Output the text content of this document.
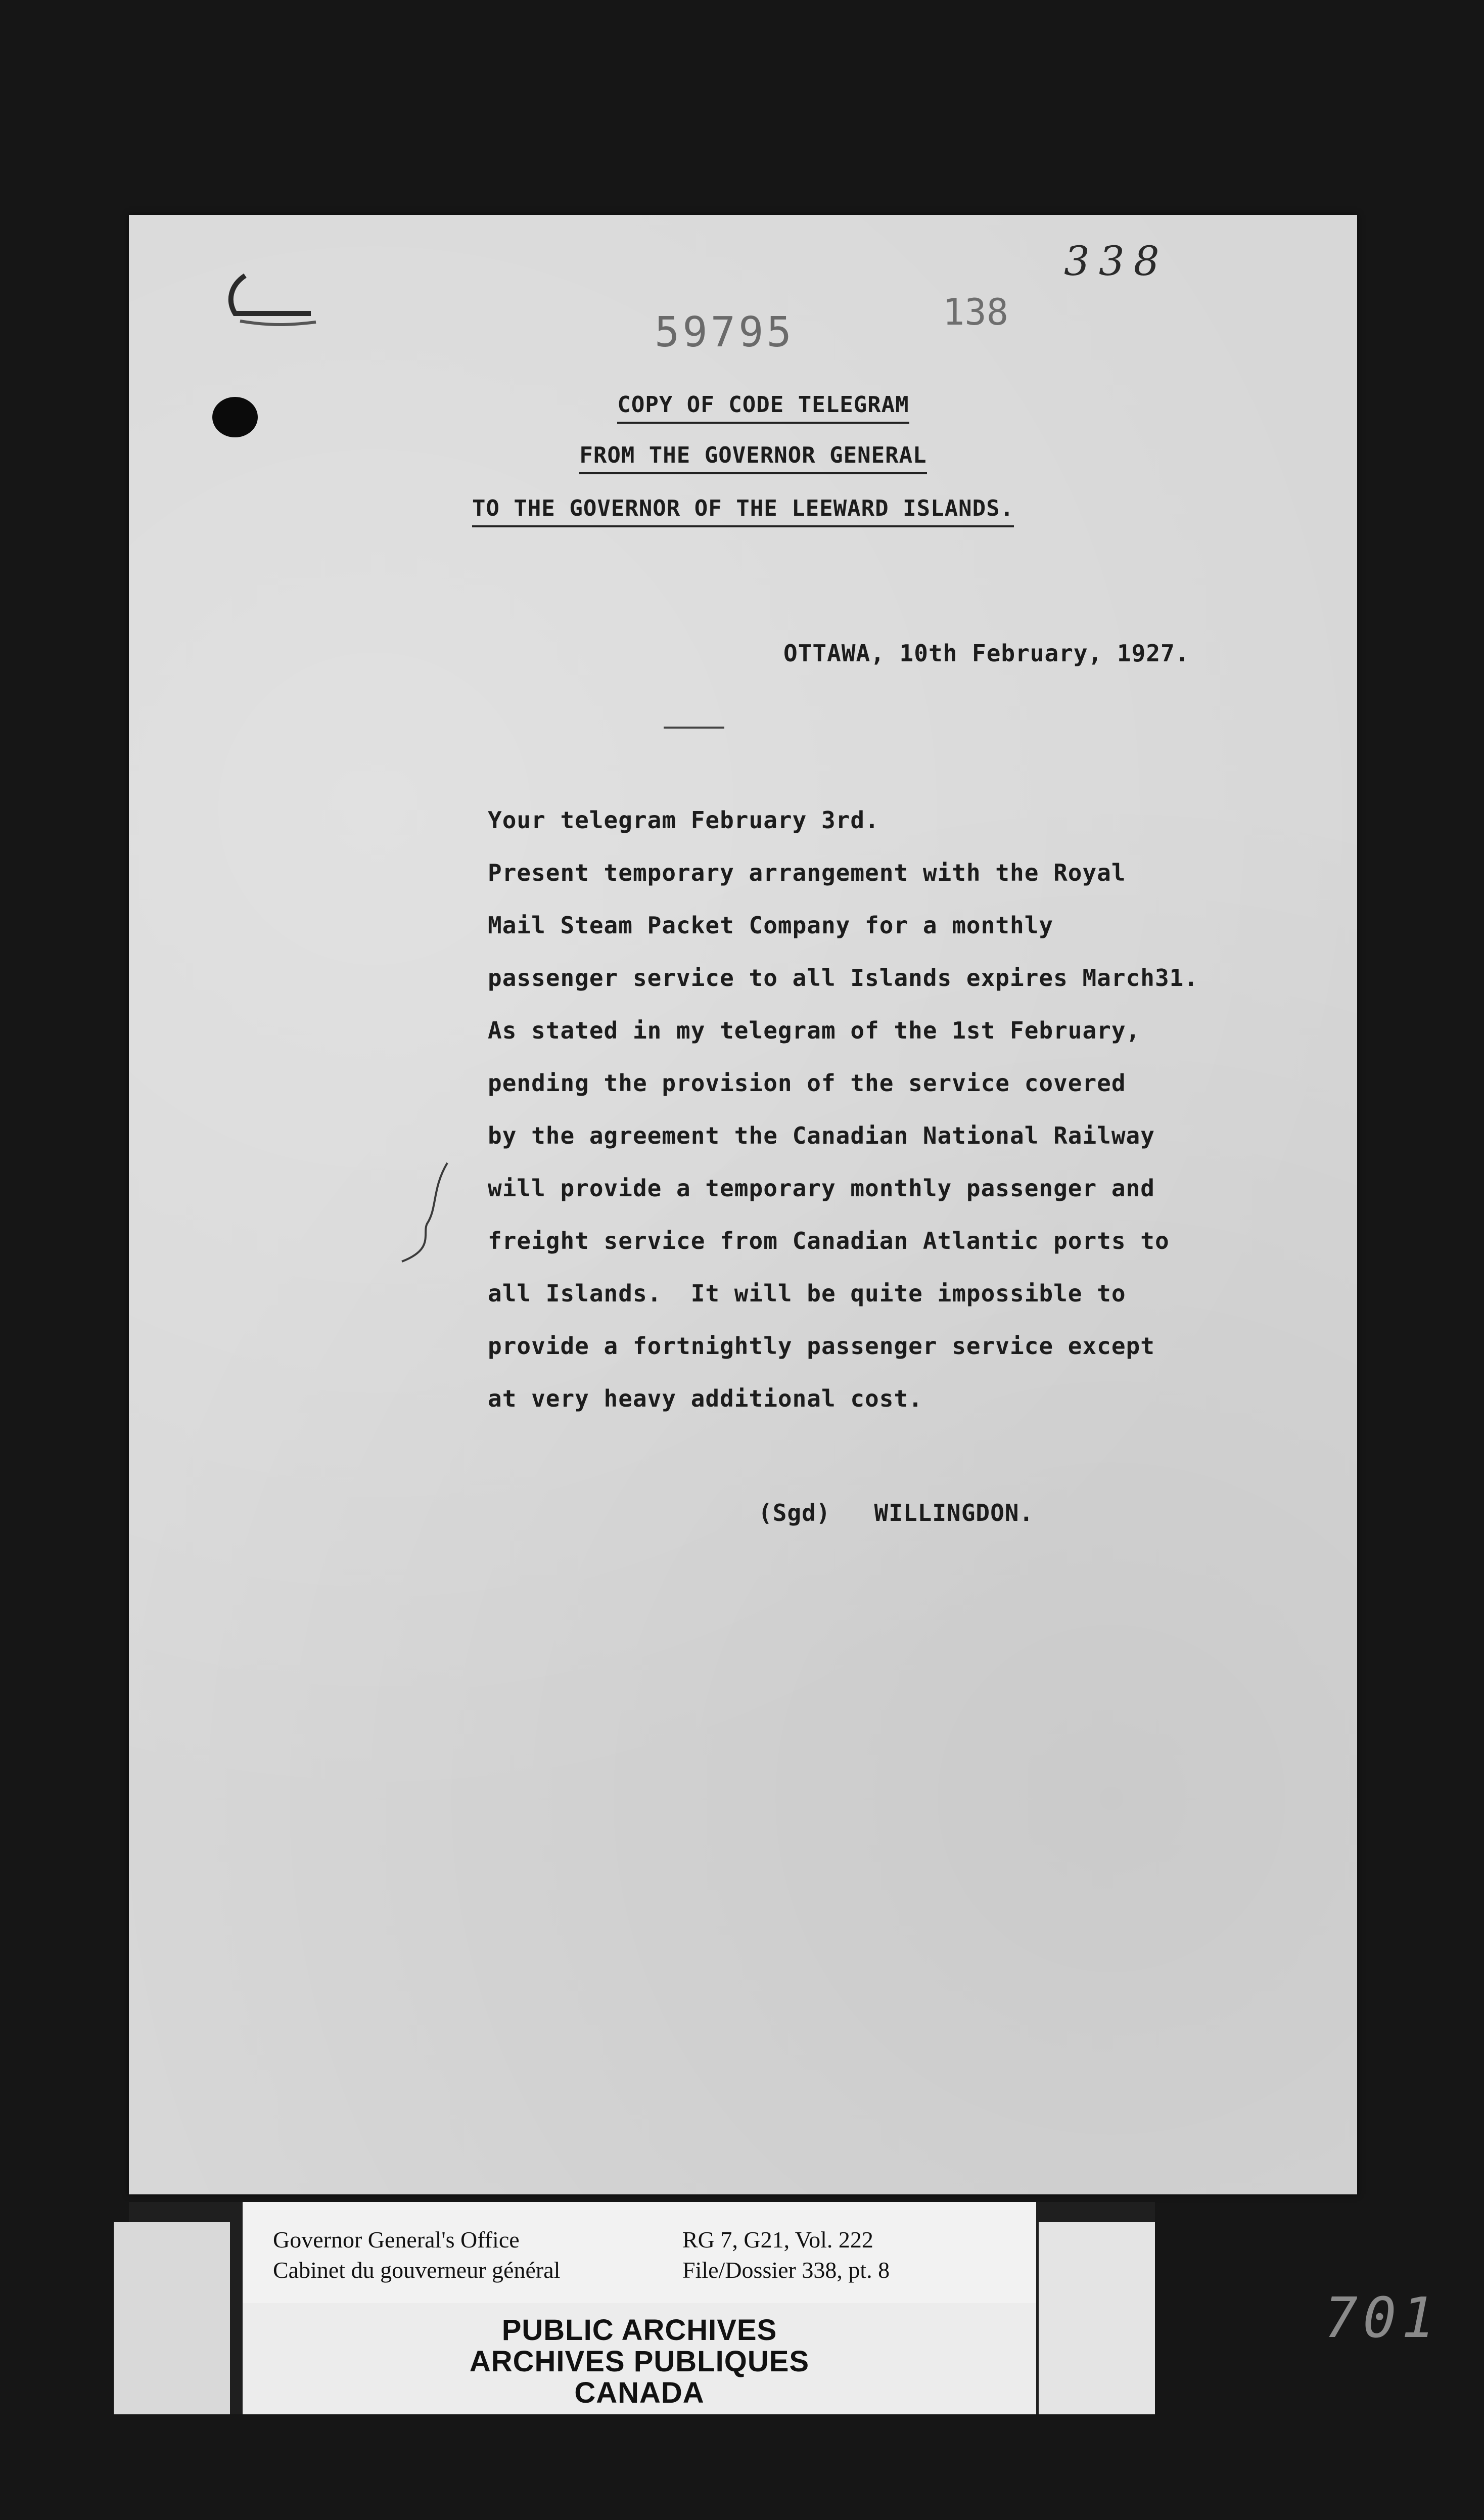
338
59795	138
COPY OF CODE TELEGRAM
FROM THE GOVERNOR GENERAL
TO THE GOVERNOR OF THE LEEWARD ISLANDS.
OTTAWA, 10th February, 1927.
Your telegram February 3rd.
Present temporary arrangement with the Royal
Mail Steam Packet Company for a monthly
passenger service to all Islands expires March31.
As stated in my telegram of the 1st February,
pending the provision of the service covered
by the agreement the Canadian National Railway
will provide a temporary monthly passenger and
freight service from Canadian Atlantic ports to
all Islands.  It will be quite impossible to
provide a fortnightly passenger service except
at very heavy additional cost.
(Sgd)   WILLINGDON.
Governor General's Office
Cabinet du gouverneur général
RG 7, G21, Vol. 222
File/Dossier 338, pt. 8
PUBLIC ARCHIVES
ARCHIVES PUBLIQUES
CANADA
701
